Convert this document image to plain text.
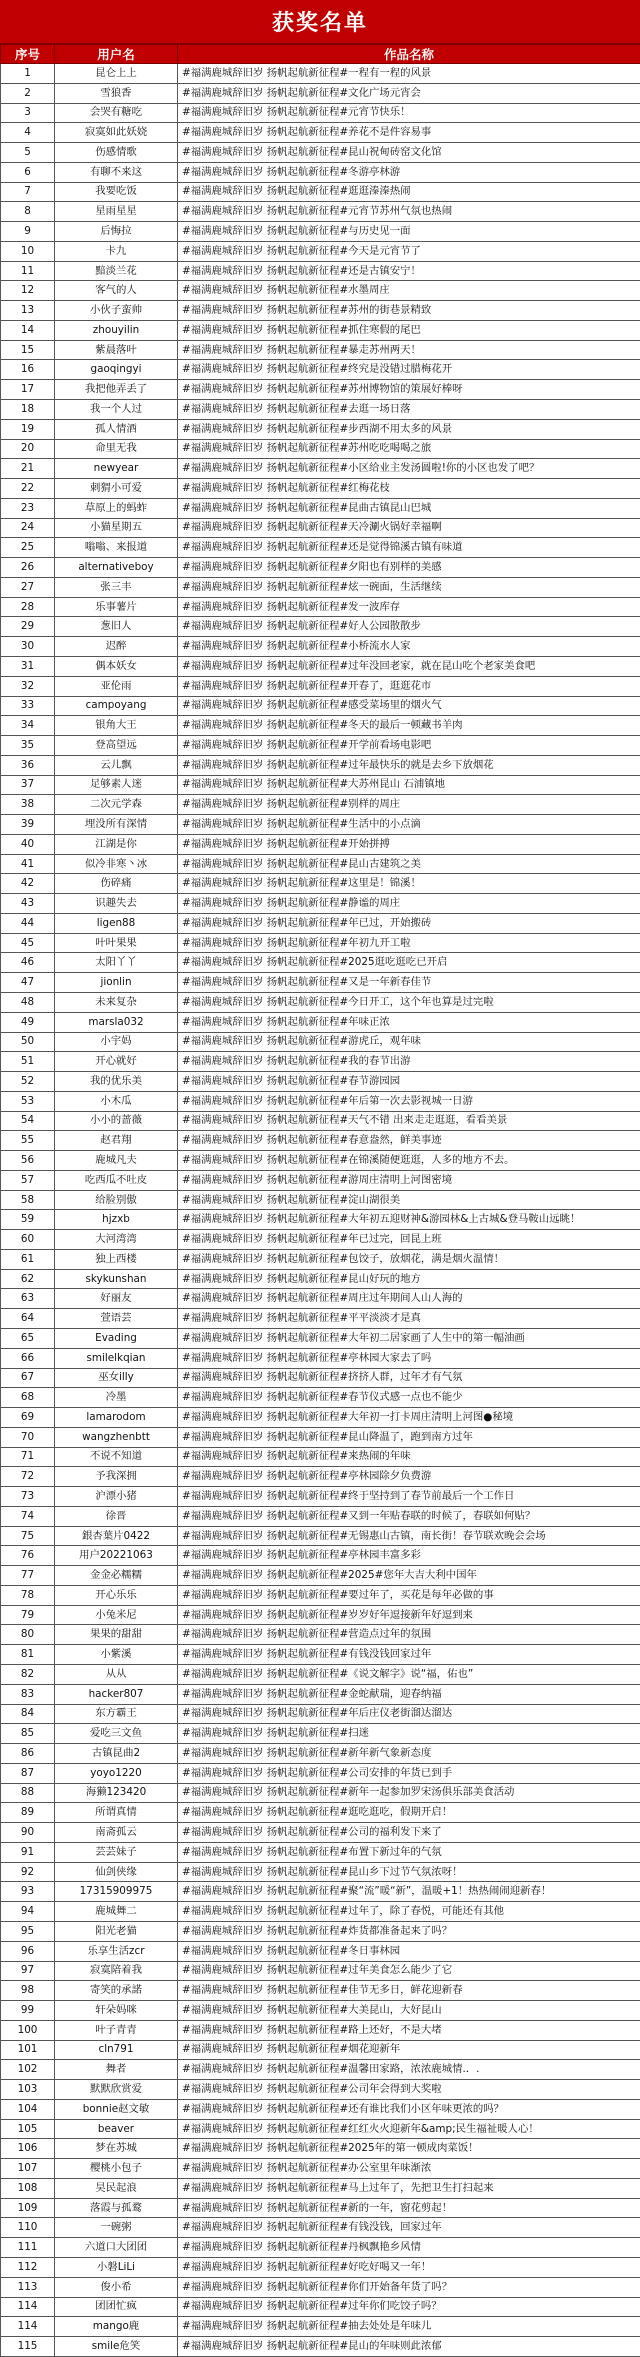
获奖名单
序号	用户名	作品名称
1	昆仑上上	#福满鹿城辞旧岁 扬帆起航新征程#一程有一程的风景
2	雪狼香	#福满鹿城辞旧岁 扬帆起航新征程#文化广场元宵会
3	会哭有糖吃	#福满鹿城辞旧岁 扬帆起航新征程#元宵节快乐！
4	寂寞如此妖娆	#福满鹿城辞旧岁 扬帆起航新征程#养花不是件容易事
5	伤感情歌	#福满鹿城辞旧岁 扬帆起航新征程#昆山祝甸砖窑文化馆
6	有聊不来这	#福满鹿城辞旧岁 扬帆起航新征程#冬游亭林游
7	我要吃饭	#福满鹿城辞旧岁 扬帆起航新征程#逛逛溱溱热闹
8	星雨星星	#福满鹿城辞旧岁 扬帆起航新征程#元宵节苏州气氛也热闹
9	后悔拉	#福满鹿城辞旧岁 扬帆起航新征程#与历史见一面
10	卡九	#福满鹿城辞旧岁 扬帆起航新征程#今天是元宵节了
11	黯淡兰花	#福满鹿城辞旧岁 扬帆起航新征程#还是古镇安宁！
12	客气的人	#福满鹿城辞旧岁 扬帆起航新征程#水墨周庄
13	小伙子蛮帅	#福满鹿城辞旧岁 扬帆起航新征程#苏州的街巷景精致
14	zhouyilin	#福满鹿城辞旧岁 扬帆起航新征程#抓住寒假的尾巴
15	紫晨落叶	#福满鹿城辞旧岁 扬帆起航新征程#暴走苏州两天！
16	gaoqingyi	#福满鹿城辞旧岁 扬帆起航新征程#终究是没错过腊梅花开
17	我把他弄丢了	#福满鹿城辞旧岁 扬帆起航新征程#苏州博物馆的策展好棒呀
18	我一个人过	#福满鹿城辞旧岁 扬帆起航新征程#去逛一场日落
19	孤人情酒	#福满鹿城辞旧岁 扬帆起航新征程#步西湖不用太多的风景
20	命里无我	#福满鹿城辞旧岁 扬帆起航新征程#苏州吃吃喝喝之旅
21	newyear	#福满鹿城辞旧岁 扬帆起航新征程#小区给业主发汤圆啦!你的小区也发了吧？
22	刺猬小可爱	#福满鹿城辞旧岁 扬帆起航新征程#红梅花枝
23	草原上的蚂蚱	#福满鹿城辞旧岁 扬帆起航新征程#昆曲古镇昆山巴城
24	小猫星期五	#福满鹿城辞旧岁 扬帆起航新征程#天冷涮火锅好幸福啊
25	嗡嗡、来报道	#福满鹿城辞旧岁 扬帆起航新征程#还是觉得锦溪古镇有味道
26	alternativeboy	#福满鹿城辞旧岁 扬帆起航新征程#夕阳也有别样的美感
27	张三丰	#福满鹿城辞旧岁 扬帆起航新征程#炫一碗面，生活继续
28	乐事薯片	#福满鹿城辞旧岁 扬帆起航新征程#发一波库存
29	葱旧人	#福满鹿城辞旧岁 扬帆起航新征程#好人公园散散步
30	迟醉	#福满鹿城辞旧岁 扬帆起航新征程#小桥流水人家
31	偶本妖女	#福满鹿城辞旧岁 扬帆起航新征程#过年没回老家，就在昆山吃个老家美食吧
32	亚伦雨	#福满鹿城辞旧岁 扬帆起航新征程#开春了，逛逛花市
33	campoyang	#福满鹿城辞旧岁 扬帆起航新征程#感受菜场里的烟火气
34	银角大王	#福满鹿城辞旧岁 扬帆起航新征程#冬天的最后一顿藏书羊肉
35	登高望远	#福满鹿城辞旧岁 扬帆起航新征程#开学前看场电影吧
36	云儿飘	#福满鹿城辞旧岁 扬帆起航新征程#过年最快乐的就是去乡下放烟花
37	足够素人迷	#福满鹿城辞旧岁 扬帆起航新征程#大苏州昆山 石浦镇地
38	二次元学森	#福满鹿城辞旧岁 扬帆起航新征程#别样的周庄
39	埋没所有深情	#福满鹿城辞旧岁 扬帆起航新征程#生活中的小点滴
40	江湖是你	#福满鹿城辞旧岁 扬帆起航新征程#开始拼搏
41	似冷非寒丶冰	#福满鹿城辞旧岁 扬帆起航新征程#昆山古建筑之美
42	伤碎痛	#福满鹿城辞旧岁 扬帆起航新征程#这里是！锦溪！
43	识趣失去	#福满鹿城辞旧岁 扬帆起航新征程#静谧的周庄
44	ligen88	#福满鹿城辞旧岁 扬帆起航新征程#年已过，开始搬砖
45	叶叶果果	#福满鹿城辞旧岁 扬帆起航新征程#年初九开工啦
46	太阳丫丫	#福满鹿城辞旧岁 扬帆起航新征程#2025逛吃逛吃已开启
47	jionlin	#福满鹿城辞旧岁 扬帆起航新征程#又是一年新春佳节
48	未来复杂	#福满鹿城辞旧岁 扬帆起航新征程#今日开工，这个年也算是过完啦
49	marsla032	#福满鹿城辞旧岁 扬帆起航新征程#年味正浓
50	小宇妈	#福满鹿城辞旧岁 扬帆起航新征程#游虎丘，观年味
51	开心就好	#福满鹿城辞旧岁 扬帆起航新征程#我的春节出游
52	我的优乐美	#福满鹿城辞旧岁 扬帆起航新征程#春节游园园
53	小木瓜	#福满鹿城辞旧岁 扬帆起航新征程#年后第一次去影视城一日游
54	小小的蔷薇	#福满鹿城辞旧岁 扬帆起航新征程#天气不错 出来走走逛逛，看看美景
55	赵君翔	#福满鹿城辞旧岁 扬帆起航新征程#春意盎然，鲜美事迹
56	鹿城凡夫	#福满鹿城辞旧岁 扬帆起航新征程#在锦溪随便逛逛，人多的地方不去。
57	吃西瓜不吐皮	#福满鹿城辞旧岁 扬帆起航新征程#游周庄清明上河图密境
58	给脸别傲	#福满鹿城辞旧岁 扬帆起航新征程#淀山湖很美
59	hjzxb	#福满鹿城辞旧岁 扬帆起航新征程#大年初五迎财神&游园林&上古城&登马鞍山远眺！
60	大河湾湾	#福满鹿城辞旧岁 扬帆起航新征程#年已过完，回昆上班
61	独上西楼	#福满鹿城辞旧岁 扬帆起航新征程#包饺子，放烟花，满是烟火温情！
62	skykunshan	#福满鹿城辞旧岁 扬帆起航新征程#昆山好玩的地方
63	好丽友	#福满鹿城辞旧岁 扬帆起航新征程#周庄过年期间人山人海的
64	萱语芸	#福满鹿城辞旧岁 扬帆起航新征程#平平淡淡才是真
65	Evading	#福满鹿城辞旧岁 扬帆起航新征程#大年初二居家画了人生中的第一幅油画
66	smilelkqian	#福满鹿城辞旧岁 扬帆起航新征程#亭林园大家去了吗
67	巫女illy	#福满鹿城辞旧岁 扬帆起航新征程#挤挤人群，过年才有气氛
68	冷墨	#福满鹿城辞旧岁 扬帆起航新征程#春节仪式感一点也不能少
69	lamarodom	#福满鹿城辞旧岁 扬帆起航新征程#大年初一打卡周庄清明上河图●秘境
70	wangzhenbtt	#福满鹿城辞旧岁 扬帆起航新征程#昆山降温了，跑到南方过年
71	不说不知道	#福满鹿城辞旧岁 扬帆起航新征程#来热闹的年味
72	予我深拥	#福满鹿城辞旧岁 扬帆起航新征程#亭林园除夕负费游
73	沪漂小猪	#福满鹿城辞旧岁 扬帆起航新征程#终于坚持到了春节前最后一个工作日
74	徐晋	#福满鹿城辞旧岁 扬帆起航新征程#又到一年贴春联的时候了，春联如何贴？
75	銀杏葉片0422	#福满鹿城辞旧岁 扬帆起航新征程#无锡惠山古镇，南长街！春节联欢晚会会场
76	用户20221063	#福满鹿城辞旧岁 扬帆起航新征程#亭林园丰富多彩
77	金金必糯糯	#福满鹿城辞旧岁 扬帆起航新征程#2025#您年大吉大利中国年
78	开心乐乐	#福满鹿城辞旧岁 扬帆起航新征程#要过年了，买花是每年必做的事
79	小兔米尼	#福满鹿城辞旧岁 扬帆起航新征程#岁岁好年逗接新年好逗到来
80	果果的甜甜	#福满鹿城辞旧岁 扬帆起航新征程#营造点过年的氛围
81	小紫溪	#福满鹿城辞旧岁 扬帆起航新征程#有钱没钱回家过年
82	从从	#福满鹿城辞旧岁 扬帆起航新征程#《说文解字》说“福，佑也”
83	hacker807	#福满鹿城辞旧岁 扬帆起航新征程#金蛇献瑞，迎春纳福
84	东方霸王	#福满鹿城辞旧岁 扬帆起航新征程#年后庄仪老街溜达溜达
85	爱吃三文鱼	#福满鹿城辞旧岁 扬帆起航新征程#扫迷
86	古镇昆曲2	#福满鹿城辞旧岁 扬帆起航新征程#新年新气象新态度
87	yoyo1220	#福满鹿城辞旧岁 扬帆起航新征程#公司安排的年货已到手
88	海獭123420	#福满鹿城辞旧岁 扬帆起航新征程#新年一起参加罗宋汤俱乐部美食活动
89	所谓真情	#福满鹿城辞旧岁 扬帆起航新征程#逛吃逛吃，假期开启！
90	南斋孤云	#福满鹿城辞旧岁 扬帆起航新征程#公司的福利发下来了
91	芸芸妹子	#福满鹿城辞旧岁 扬帆起航新征程#布置下新过年的气氛
92	仙剑侠缘	#福满鹿城辞旧岁 扬帆起航新征程#昆山乡下过节气氛浓呀！
93	17315909975	#福满鹿城辞旧岁 扬帆起航新征程#聚“流”暖“新”，温暖+1！热热闹闹迎新春！
94	鹿城舞二	#福满鹿城辞旧岁 扬帆起航新征程#过年了，除了春悦，可能还有其他
95	阳光老猫	#福满鹿城辞旧岁 扬帆起航新征程#炸货都准备起来了吗？
96	乐享生活zcr	#福满鹿城辞旧岁 扬帆起航新征程#冬日事林园
97	寂寞陪着我	#福满鹿城辞旧岁 扬帆起航新征程#过年美食怎么能少了它
98	寄笑的承諾	#福满鹿城辞旧岁 扬帆起航新征程#佳节无多日，鲜花迎新春
99	轩朵妈咪	#福满鹿城辞旧岁 扬帆起航新征程#大美昆山，大好昆山
100	叶子青青	#福满鹿城辞旧岁 扬帆起航新征程#路上还好，不是大堵
101	cln791	#福满鹿城辞旧岁 扬帆起航新征程#烟花迎新年
102	舞者	#福满鹿城辞旧岁 扬帆起航新征程#温馨田家路，浓浓鹿城情.．.
103	默默欣赏爱	#福满鹿城辞旧岁 扬帆起航新征程#公司年会得到大奖啦
104	bonnie赵文敏	#福满鹿城辞旧岁 扬帆起航新征程#还有谁比我们小区年味更浓的吗？
105	beaver	#福满鹿城辞旧岁 扬帆起航新征程#红红火火迎新年&amp;民生福祉暖人心！
106	梦在苏城	#福满鹿城辞旧岁 扬帆起航新征程#2025年的第一顿成肉菜饭！
107	樱桃小包子	#福满鹿城辞旧岁 扬帆起航新征程#办公室里年味渐浓
108	昊民起浪	#福满鹿城辞旧岁 扬帆起航新征程#马上过年了，先把卫生打扫起来
109	落霞与孤鹜	#福满鹿城辞旧岁 扬帆起航新征程#新的一年，窗花剪起！
110	一碗粥	#福满鹿城辞旧岁 扬帆起航新征程#有钱没钱，回家过年
111	六道口大团团	#福满鹿城辞旧岁 扬帆起航新征程#丹枫飘艳乡风情
112	小磐LiLi	#福满鹿城辞旧岁 扬帆起航新征程#好吃好喝又一年！
113	俊小希	#福满鹿城辞旧岁 扬帆起航新征程#你们开始备年货了吗？
114	团团忙疯	#福满鹿城辞旧岁 扬帆起航新征程#过年你们吃饺子吗？
114	mango鹿	#福满鹿城辞旧岁 扬帆起航新征程#抽去处处是年味儿
115	smile危笑	#福满鹿城辞旧岁 扬帆起航新征程#昆山的年味则此浓郁
